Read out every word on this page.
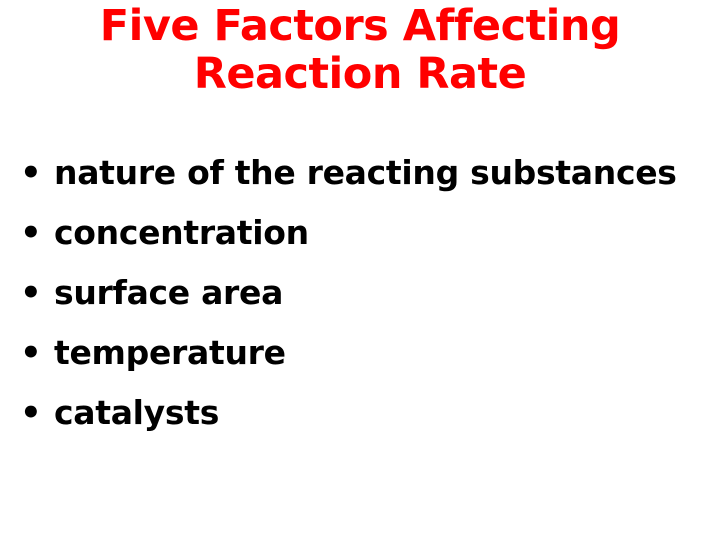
Five Factors Affecting
Reaction Rate
• nature of the reacting substances
• concentration
• surface area
• temperature
• catalysts
